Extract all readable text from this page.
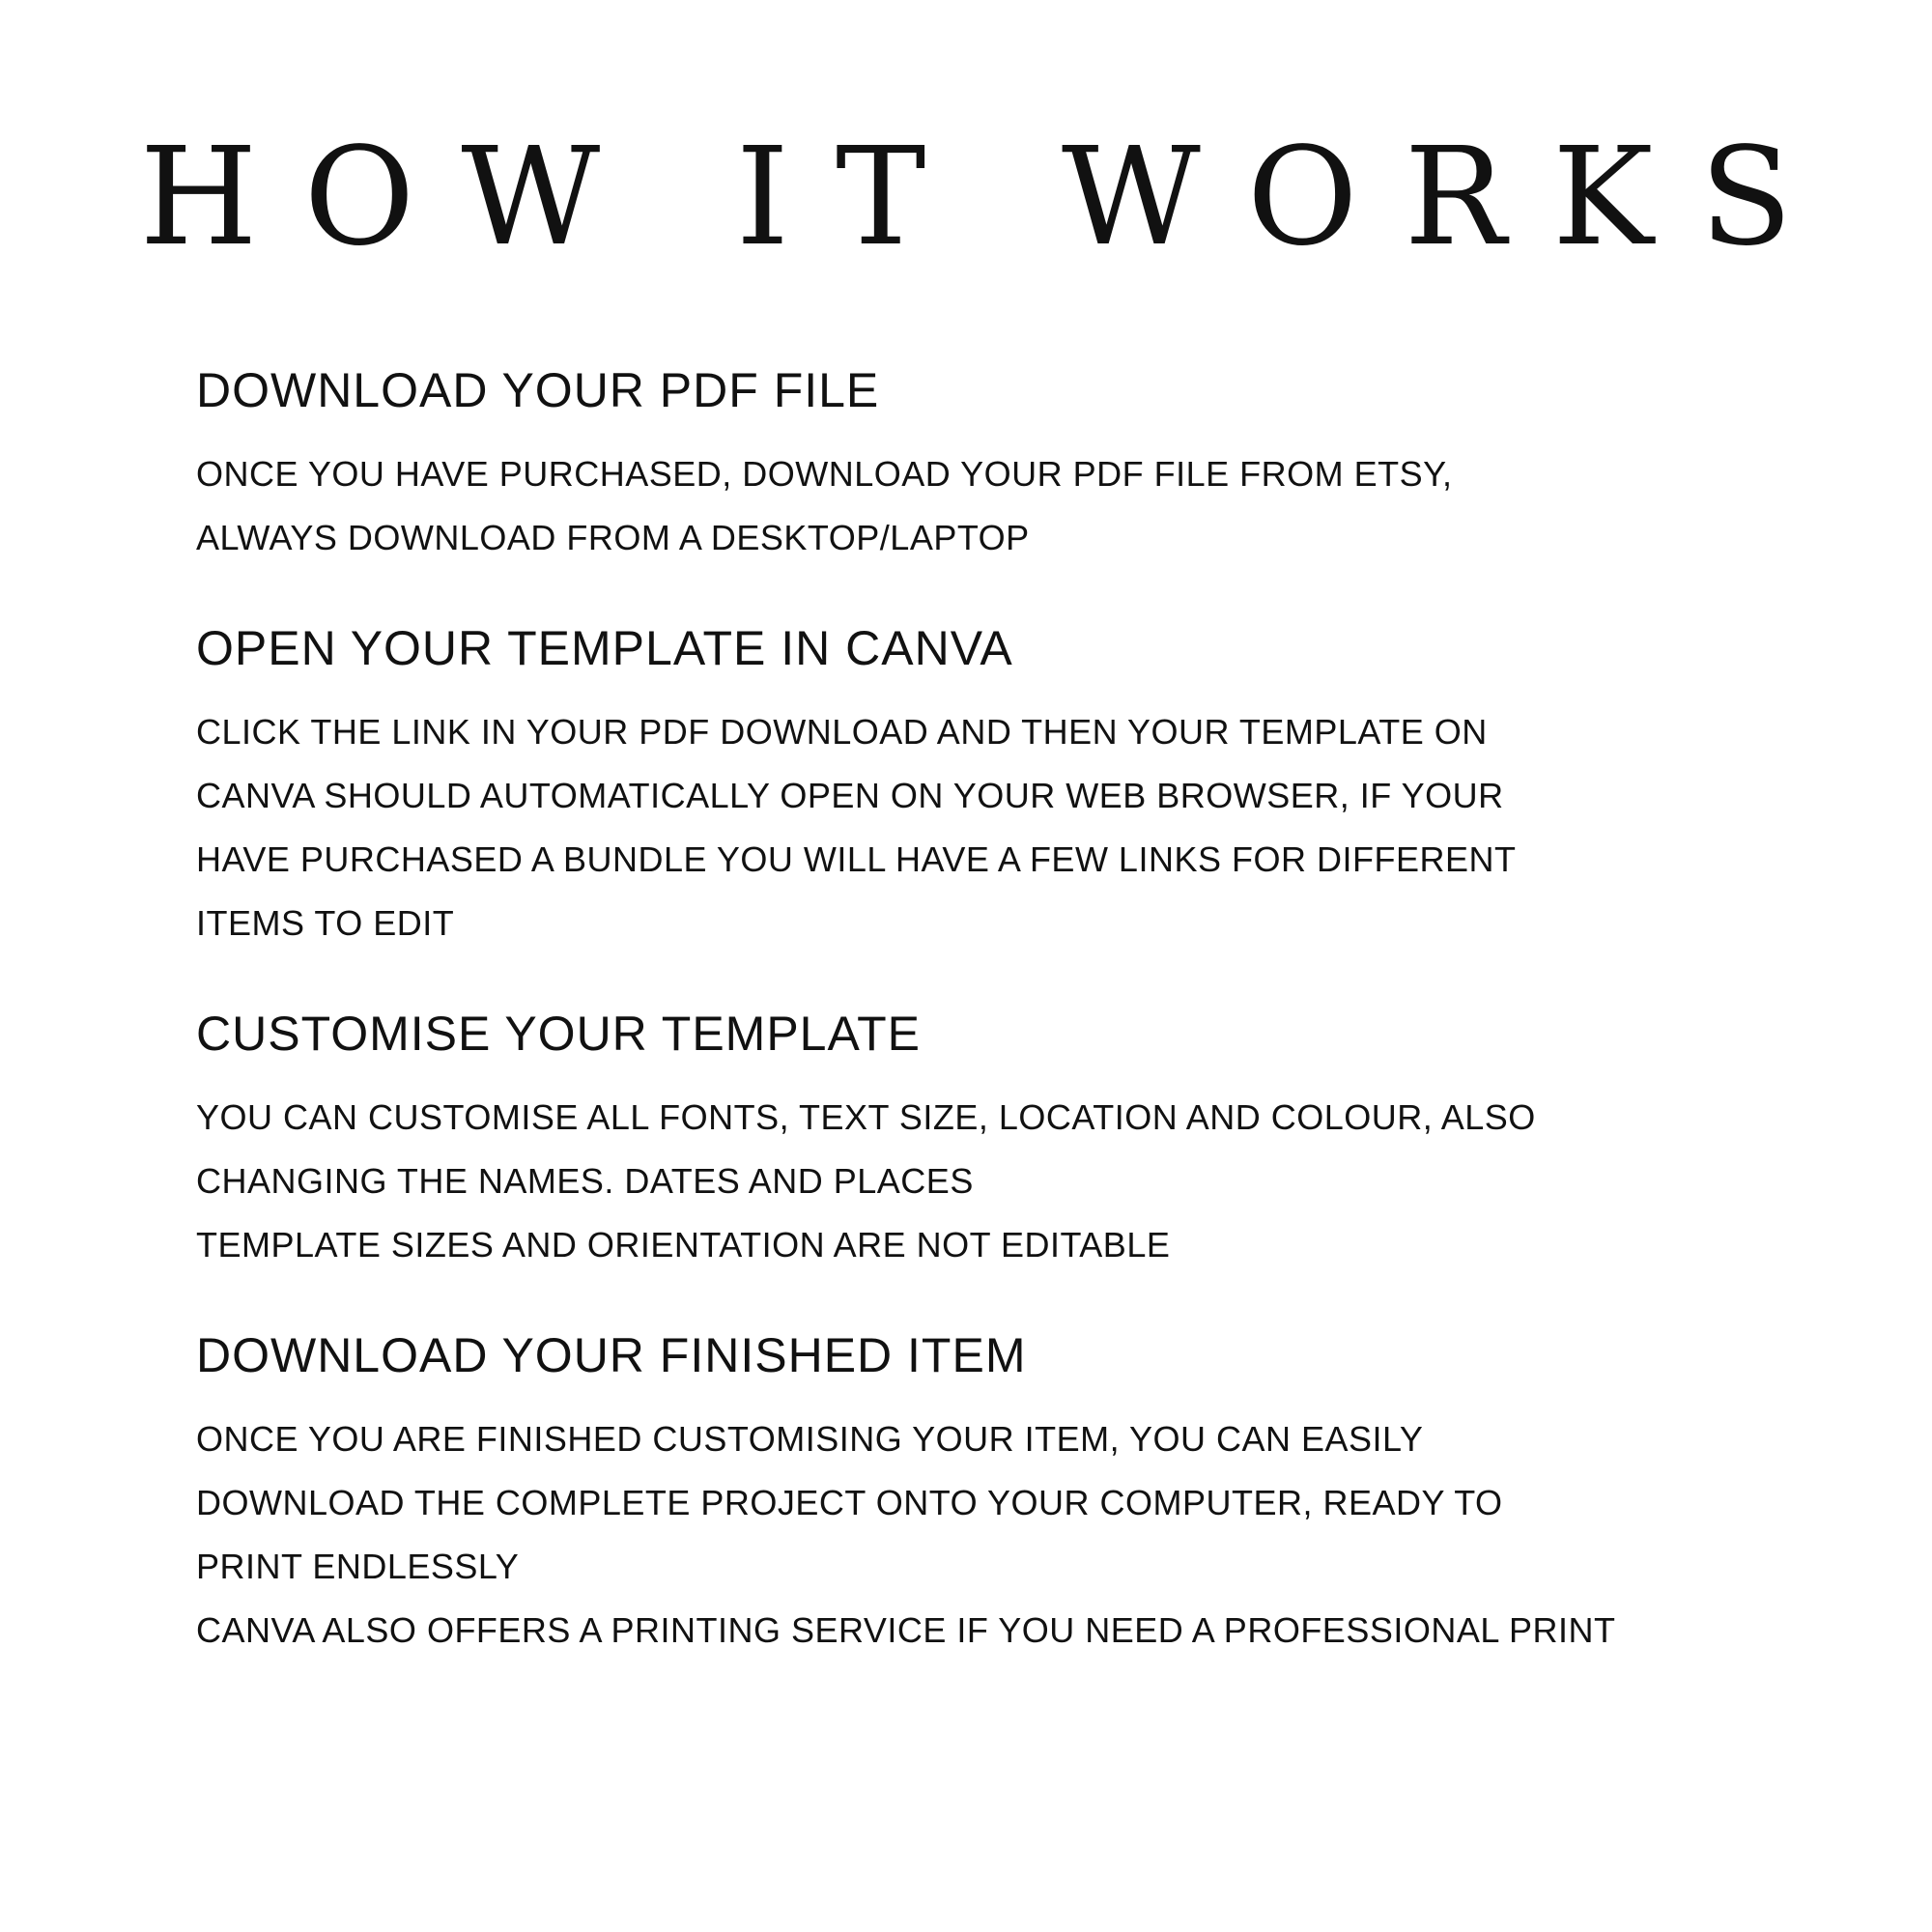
HOW IT WORKS
DOWNLOAD YOUR PDF FILE

ONCE YOU HAVE PURCHASED, DOWNLOAD YOUR PDF FILE FROM ETSY,

ALWAYS DOWNLOAD FROM A DESKTOP/LAPTOP

OPEN YOUR TEMPLATE IN CANVA

CLICK THE LINK IN YOUR PDF DOWNLOAD AND THEN YOUR TEMPLATE ON

CANVA SHOULD AUTOMATICALLY OPEN ON YOUR WEB BROWSER, IF YOUR

HAVE PURCHASED A BUNDLE YOU WILL HAVE A FEW LINKS FOR DIFFERENT

ITEMS TO EDIT

CUSTOMISE YOUR TEMPLATE

YOU CAN CUSTOMISE ALL FONTS, TEXT SIZE, LOCATION AND COLOUR, ALSO

CHANGING THE NAMES. DATES AND PLACES

TEMPLATE SIZES AND ORIENTATION ARE NOT EDITABLE

DOWNLOAD YOUR FINISHED ITEM

ONCE YOU ARE FINISHED CUSTOMISING YOUR ITEM, YOU CAN EASILY

DOWNLOAD THE COMPLETE PROJECT ONTO YOUR COMPUTER, READY TO

PRINT ENDLESSLY

CANVA ALSO OFFERS A PRINTING SERVICE IF YOU NEED A PROFESSIONAL PRINT
